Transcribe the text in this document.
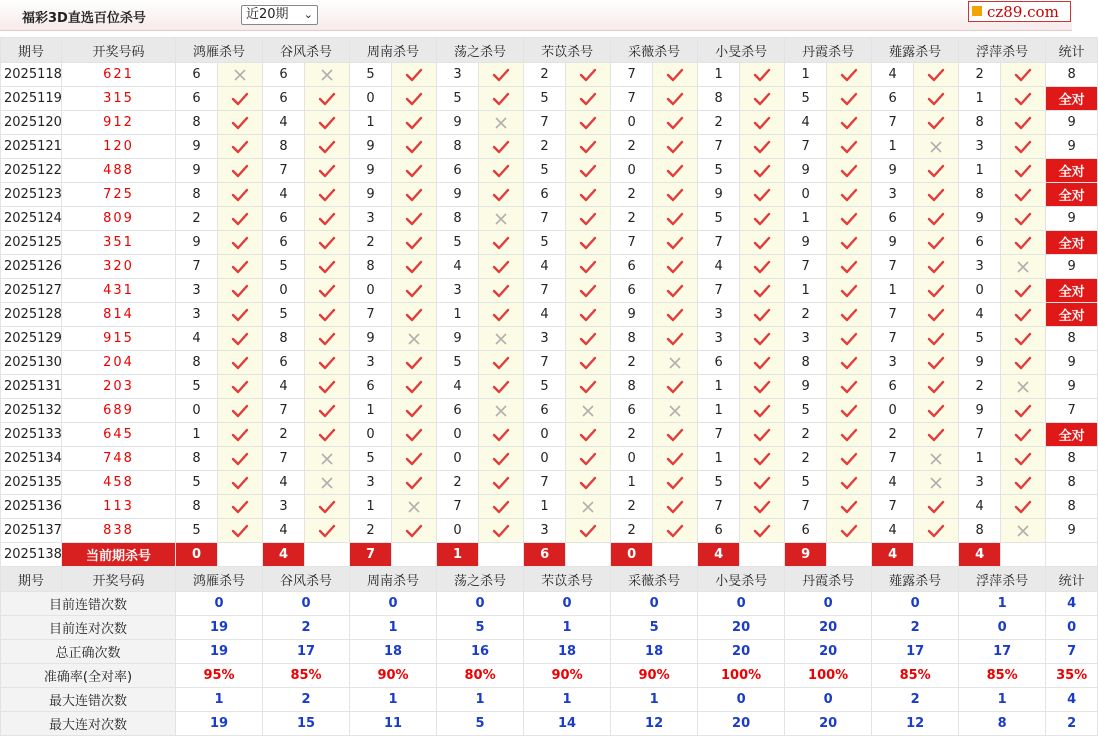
福彩3D直选百位杀号	近20期 ⌄	cz89.com
期号	开奖号码	鸿雁杀号		谷风杀号		周南杀号		荡之杀号		芣苡杀号		采薇杀号		小旻杀号		丹霞杀号		薤露杀号		浮萍杀号		统计
2025118	621	6		6		5		3		2		7		1		1		4		2		8
2025119	315	6		6		0		5		5		7		8		5		6		1		全对
2025120	912	8		4		1		9		7		0		2		4		7		8		9
2025121	120	9		8		9		8		2		2		7		7		1		3		9
2025122	488	9		7		9		6		5		0		5		9		9		1		全对
2025123	725	8		4		9		9		6		2		9		0		3		8		全对
2025124	809	2		6		3		8		7		2		5		1		6		9		9
2025125	351	9		6		2		5		5		7		7		9		9		6		全对
2025126	320	7		5		8		4		4		6		4		7		7		3		9
2025127	431	3		0		0		3		7		6		7		1		1		0		全对
2025128	814	3		5		7		1		4		9		3		2		7		4		全对
2025129	915	4		8		9		9		3		8		3		3		7		5		8
2025130	204	8		6		3		5		7		2		6		8		3		9		9
2025131	203	5		4		6		4		5		8		1		9		6		2		9
2025132	689	0		7		1		6		6		6		1		5		0		9		7
2025133	645	1		2		0		0		0		2		7		2		2		7		全对
2025134	748	8		7		5		0		0		0		1		2		7		1		8
2025135	458	5		4		3		2		7		1		5		5		4		3		8
2025136	113	8		3		1		7		1		2		7		7		7		4		8
2025137	838	5		4		2		0		3		2		6		6		4		8		9
2025138	当前期杀号	0		4		7		1		6		0		4		9		4		4		
期号	开奖号码	鸿雁杀号		谷风杀号		周南杀号		荡之杀号		芣苡杀号		采薇杀号		小旻杀号		丹霞杀号		薤露杀号		浮萍杀号		统计
目前连错次数		0		0		0		0		0		0		0		0		0		1		4
目前连对次数		19		2		1		5		1		5		20		20		2		0		0
总正确次数		19		17		18		16		18		18		20		20		17		17		7
准确率(全对率)		95%		85%		90%		80%		90%		90%		100%		100%		85%		85%		35%
最大连错次数		1		2		1		1		1		1		0		0		2		1		4
最大连对次数		19		15		11		5		14		12		20		20		12		8		2
